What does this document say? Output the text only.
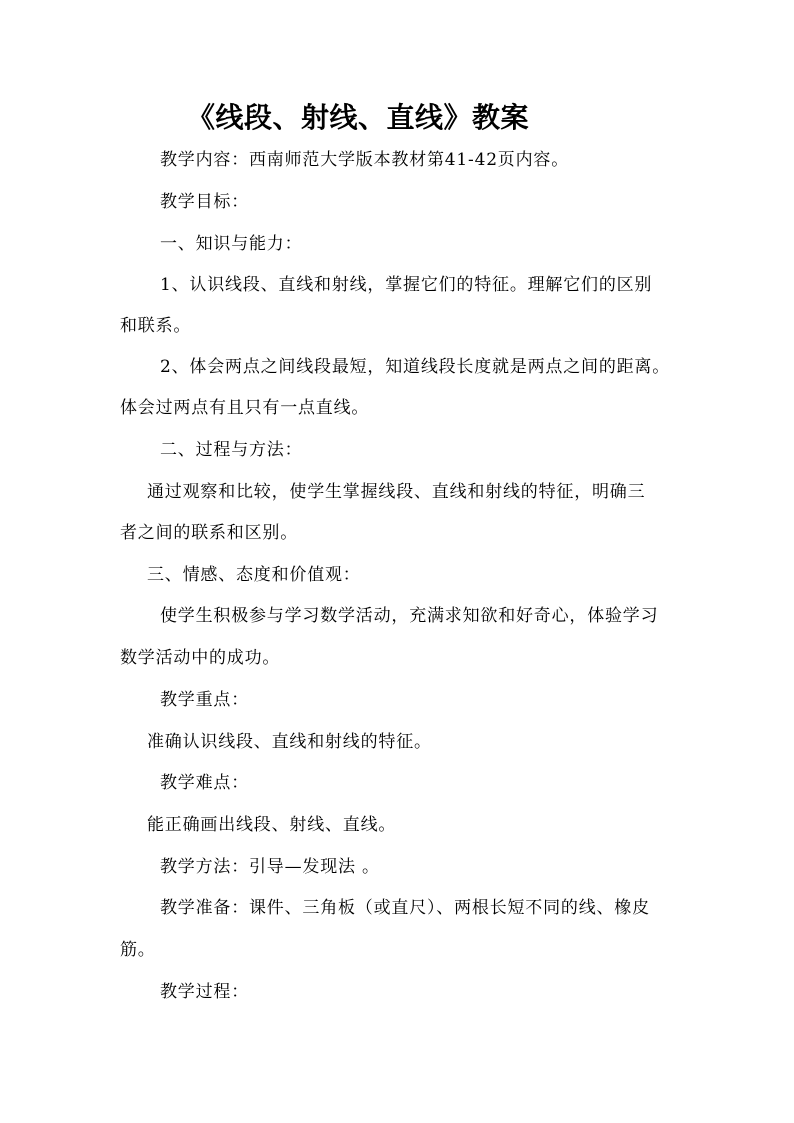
《线段、射线、直线》教案
教学内容：西南师范大学版本教材第41-42页内容。
教学目标：
一、知识与能力：
1、认识线段、直线和射线，掌握它们的特征。理解它们的区别
和联系。
2、体会两点之间线段最短，知道线段长度就是两点之间的距离。
体会过两点有且只有一点直线。
二、过程与方法：
通过观察和比较，使学生掌握线段、直线和射线的特征，明确三
者之间的联系和区别。
三、情感、态度和价值观：
使学生积极参与学习数学活动，充满求知欲和好奇心，体验学习
数学活动中的成功。
教学重点：
准确认识线段、直线和射线的特征。
教学难点：
能正确画出线段、射线、直线。
教学方法：引导—发现法 。
教学准备：课件、三角板（或直尺）、两根长短不同的线、橡皮
筋。
教学过程：
